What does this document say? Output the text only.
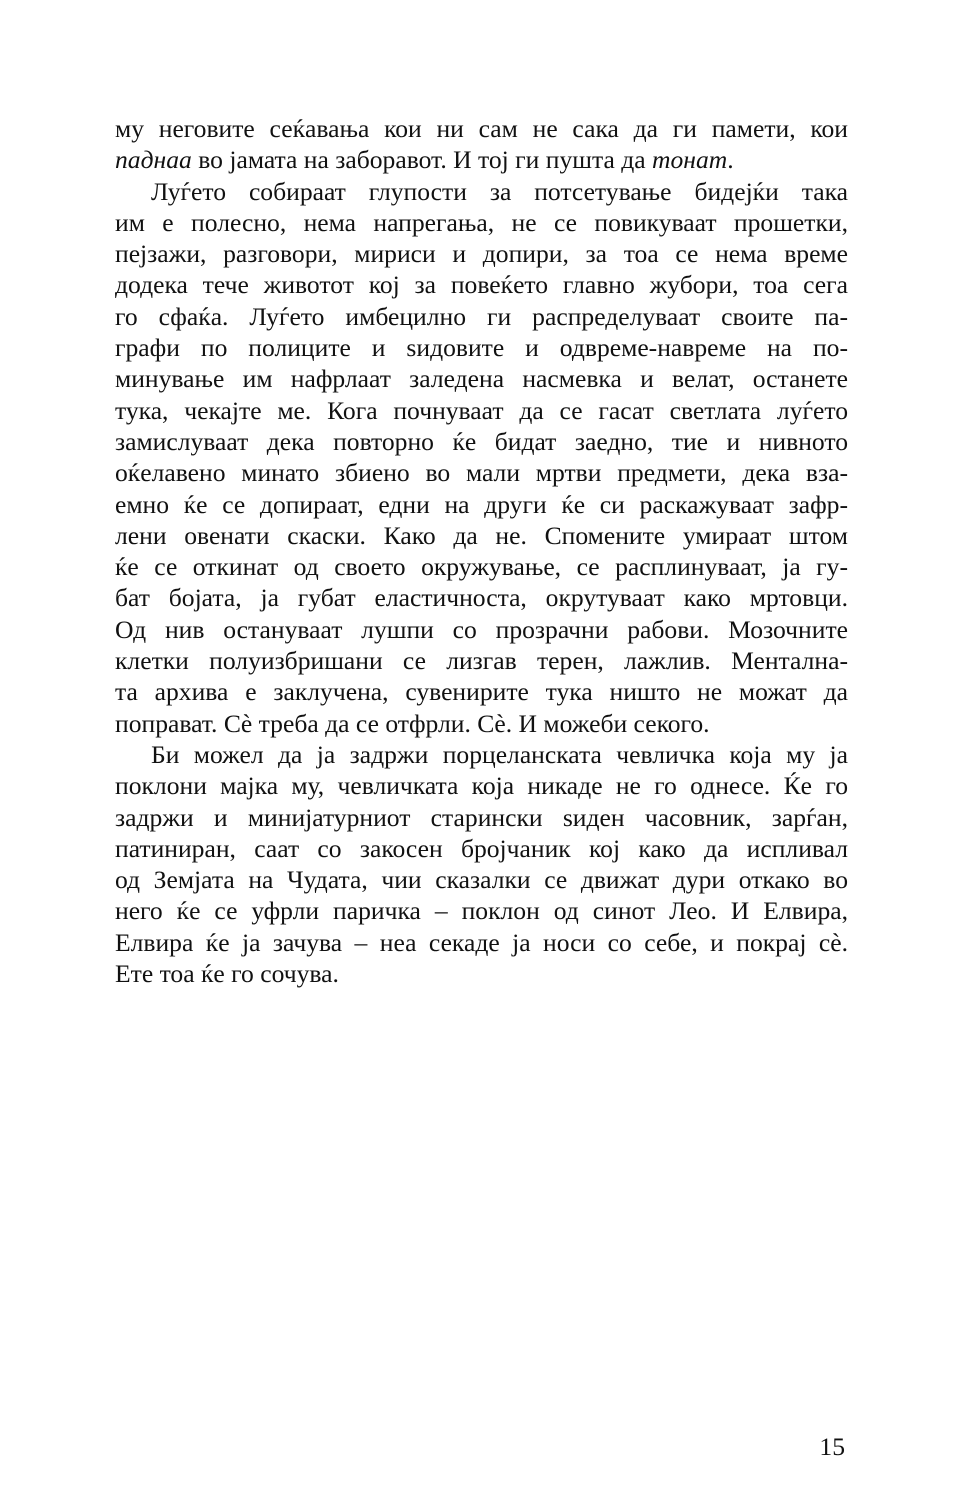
му неговите сеќавања кои ни сам не сака да ги памети, кои
паднаа во јамата на заборавот. И тој ги пушта да тонат.
Луѓето собираат глупости за потсетување бидејќи така
им е полесно, нема напрегања, не се повикуваат прошетки,
пејзажи, разговори, мириси и допири, за тоа се нема време
додека тече животот кој за повеќето главно жубори, тоа сега
го сфаќа. Луѓето имбецилно ги распределуваат своите па-
графи по полиците и ѕидовите и одвреме-навреме на по-
минување им нафрлаат заледена насмевка и велат, останете
тука, чекајте ме. Кога почнуваат да се гасат светлата луѓето
замислуваат дека повторно ќе бидат заедно, тие и нивното
оќелавено минато збиено во мали мртви предмети, дека вза-
емно ќе се допираат, едни на други ќе си раскажуваат зафр-
лени овенати скаски. Како да не. Спомените умираат штом
ќе се откинат од своето окружување, се расплинуваат, ја гу-
бат бојата, ја губат еластичноста, окрутуваат како мртовци.
Од нив остануваат лушпи со прозрачни рабови. Мозочните
клетки полуизбришани се лизгав терен, лажлив. Ментална-
та архива е заклучена, сувенирите тука ништо не можат да
поправат. Сè треба да се отфрли. Сè. И можеби секого.
Би можел да ја задржи порцеланската чевличка која му ја
поклони мајка му, чевличката која никаде не го однесе. Ќе го
задржи и минијатурниот старински ѕиден часовник, зарѓан,
патиниран, саат со закосен бројчаник кој како да испливал
од Земјата на Чудата, чии сказалки се движат дури откако во
него ќе се уфрли паричка – поклон од синот Лео. И Елвира,
Елвира ќе ја зачува – неа секаде ја носи со себе, и покрај сè.
Ете тоа ќе го сочува.
15
